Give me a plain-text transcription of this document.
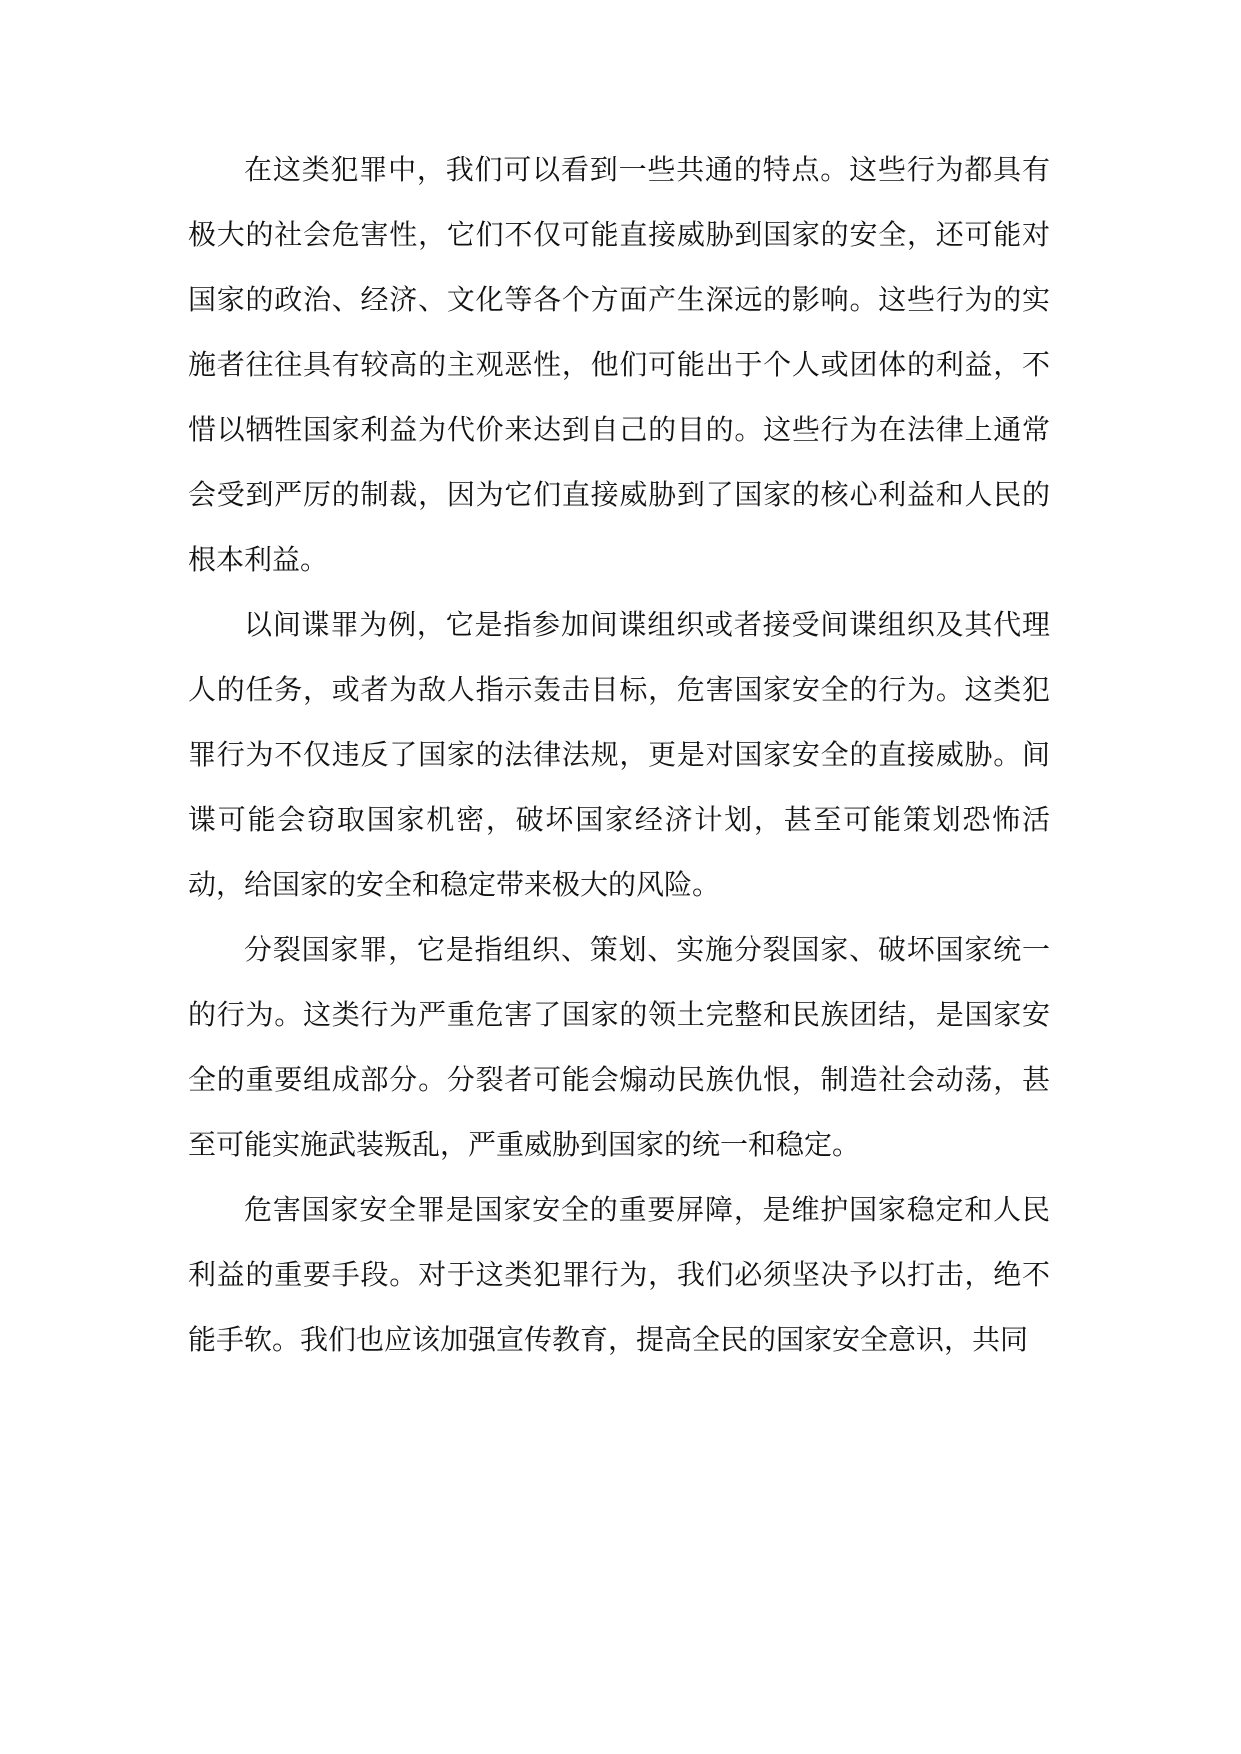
在这类犯罪中，我们可以看到一些共通的特点。这些行为都具有极大的社会危害性，它们不仅可能直接威胁到国家的安全，还可能对国家的政治、经济、文化等各个方面产生深远的影响。这些行为的实施者往往具有较高的主观恶性，他们可能出于个人或团体的利益，不惜以牺牲国家利益为代价来达到自己的目的。这些行为在法律上通常会受到严厉的制裁，因为它们直接威胁到了国家的核心利益和人民的根本利益。

以间谍罪为例，它是指参加间谍组织或者接受间谍组织及其代理人的任务，或者为敌人指示轰击目标，危害国家安全的行为。这类犯罪行为不仅违反了国家的法律法规，更是对国家安全的直接威胁。间谍可能会窃取国家机密，破坏国家经济计划，甚至可能策划恐怖活动，给国家的安全和稳定带来极大的风险。

分裂国家罪，它是指组织、策划、实施分裂国家、破坏国家统一的行为。这类行为严重危害了国家的领土完整和民族团结，是国家安全的重要组成部分。分裂者可能会煽动民族仇恨，制造社会动荡，甚至可能实施武装叛乱，严重威胁到国家的统一和稳定。

危害国家安全罪是国家安全的重要屏障，是维护国家稳定和人民利益的重要手段。对于这类犯罪行为，我们必须坚决予以打击，绝不能手软。我们也应该加强宣传教育，提高全民的国家安全意识，共同
